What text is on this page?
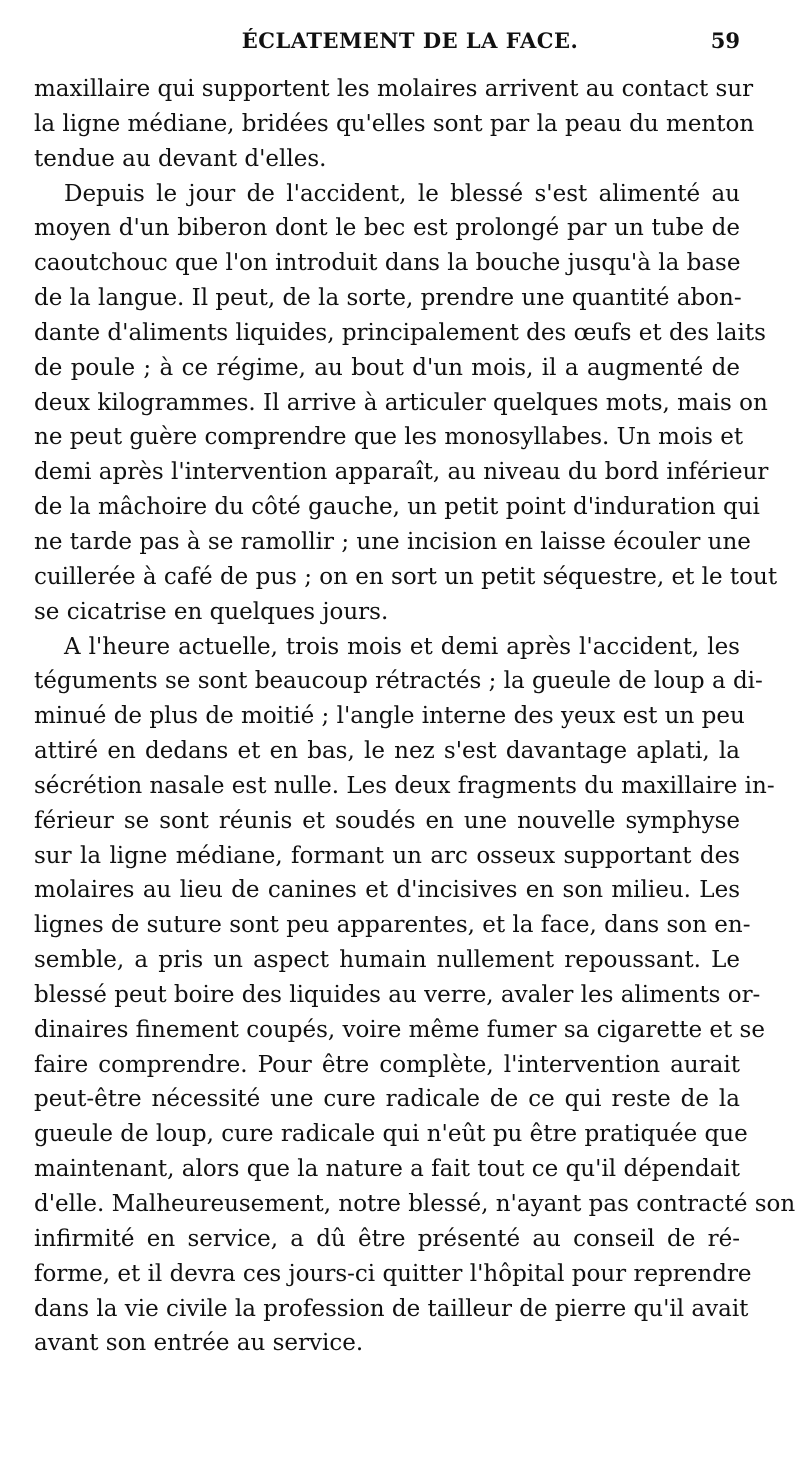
ÉCLATEMENT DE LA FACE.	59
maxillaire qui supportent les molaires arrivent au contact sur
la ligne médiane, bridées qu'elles sont par la peau du menton
tendue au devant d'elles.
Depuis le jour de l'accident, le blessé s'est alimenté au
moyen d'un biberon dont le bec est prolongé par un tube de
caoutchouc que l'on introduit dans la bouche jusqu'à la base
de la langue. Il peut, de la sorte, prendre une quantité abon-
dante d'aliments liquides, principalement des œufs et des laits
de poule ; à ce régime, au bout d'un mois, il a augmenté de
deux kilogrammes. Il arrive à articuler quelques mots, mais on
ne peut guère comprendre que les monosyllabes. Un mois et
demi après l'intervention apparaît, au niveau du bord inférieur
de la mâchoire du côté gauche, un petit point d'induration qui
ne tarde pas à se ramollir ; une incision en laisse écouler une
cuillerée à café de pus ; on en sort un petit séquestre, et le tout
se cicatrise en quelques jours.
A l'heure actuelle, trois mois et demi après l'accident, les
téguments se sont beaucoup rétractés ; la gueule de loup a di-
minué de plus de moitié ; l'angle interne des yeux est un peu
attiré en dedans et en bas, le nez s'est davantage aplati, la
sécrétion nasale est nulle. Les deux fragments du maxillaire in-
férieur se sont réunis et soudés en une nouvelle symphyse
sur la ligne médiane, formant un arc osseux supportant des
molaires au lieu de canines et d'incisives en son milieu. Les
lignes de suture sont peu apparentes, et la face, dans son en-
semble, a pris un aspect humain nullement repoussant. Le
blessé peut boire des liquides au verre, avaler les aliments or-
dinaires finement coupés, voire même fumer sa cigarette et se
faire comprendre. Pour être complète, l'intervention aurait
peut-être nécessité une cure radicale de ce qui reste de la
gueule de loup, cure radicale qui n'eût pu être pratiquée que
maintenant, alors que la nature a fait tout ce qu'il dépendait
d'elle. Malheureusement, notre blessé, n'ayant pas contracté son
infirmité en service, a dû être présenté au conseil de ré-
forme, et il devra ces jours-ci quitter l'hôpital pour reprendre
dans la vie civile la profession de tailleur de pierre qu'il avait
avant son entrée au service.
